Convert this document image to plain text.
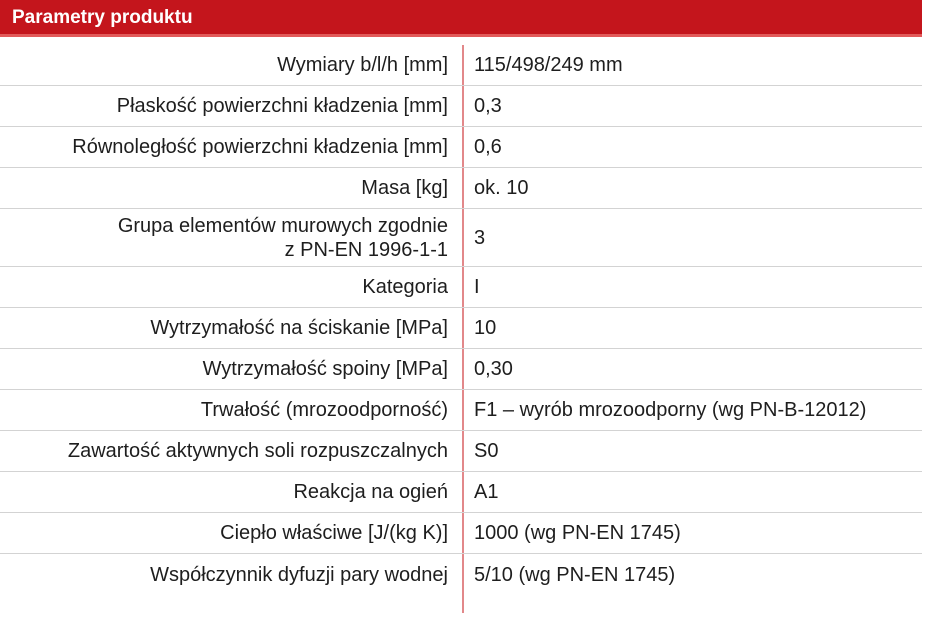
Parametry produktu
Wymiary b/l/h [mm] 115/498/249 mm
Płaskość powierzchni kładzenia [mm] 0,3
Równoległość powierzchni kładzenia [mm] 0,6
Masa [kg] ok. 10
Grupa elementów murowych zgodnie
z PN-EN 1996-1-1
3
Kategoria I
Wytrzymałość na ściskanie [MPa] 10
Wytrzymałość spoiny [MPa] 0,30
Trwałość (mrozoodporność) F1 – wyrób mrozoodporny (wg PN-B-12012)
Zawartość aktywnych soli rozpuszczalnych S0
Reakcja na ogień A1
Ciepło właściwe [J/(kg K)] 1000 (wg PN-EN 1745)
Współczynnik dyfuzji pary wodnej 5/10 (wg PN-EN 1745)
